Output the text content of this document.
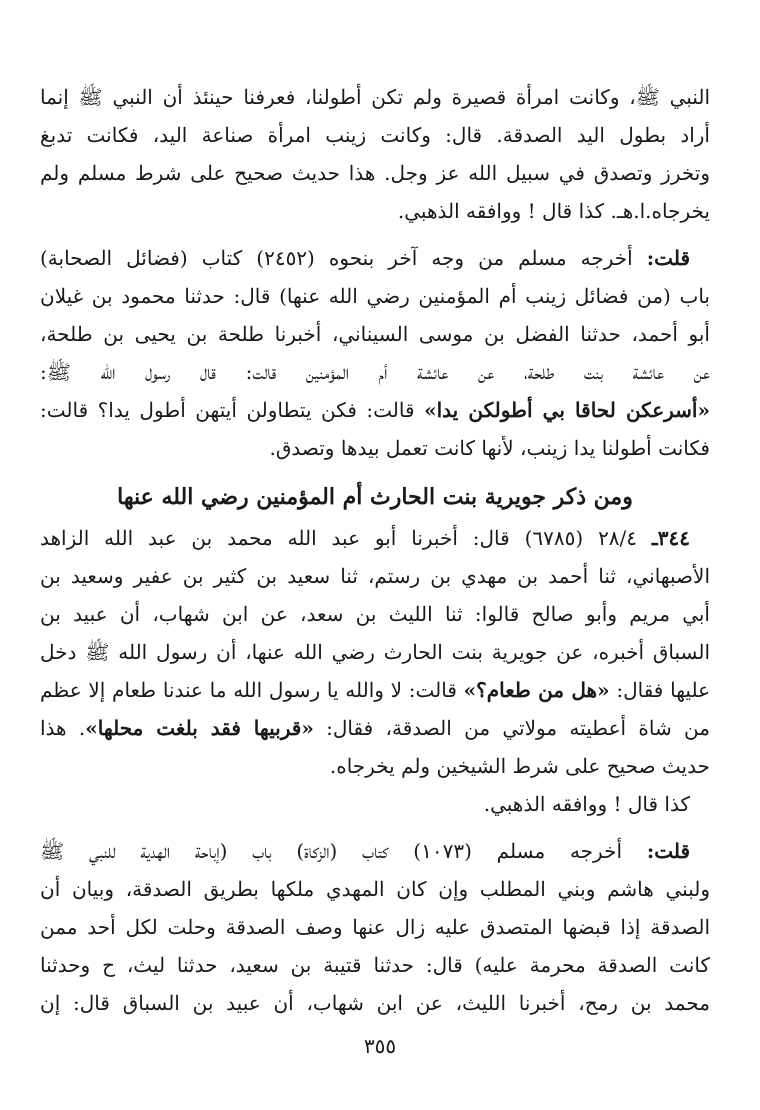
النبي ﷺ، وكانت امرأة قصيرة ولم تكن أطولنا، فعرفنا حينئذ أن النبي ﷺ إنما
أراد بطول اليد الصدقة. قال: وكانت زينب امرأة صناعة اليد، فكانت تدبغ
وتخرز وتصدق في سبيل الله عز وجل. هذا حديث صحيح على شرط مسلم ولم
يخرجاه.ا.هـ. كذا قال ! ووافقه الذهبي.
قلت: أخرجه مسلم من وجه آخر بنحوه (٢٤٥٢) كتاب (فضائل الصحابة)
باب (من فضائل زينب أم المؤمنين رضي الله عنها) قال: حدثنا محمود بن غيلان
أبو أحمد، حدثنا الفضل بن موسى السيناني، أخبرنا طلحة بن يحيى بن طلحة،
عن عائشة بنت طلحة، عن عائشة أم المؤمنين قالت: قال رسول الله ﷺ:
«أسرعكن لحاقا بي أطولكن يدا» قالت: فكن يتطاولن أيتهن أطول يدا؟ قالت:
فكانت أطولنا يدا زينب، لأنها كانت تعمل بيدها وتصدق.
ومن ذكر جويرية بنت الحارث أم المؤمنين رضي الله عنها
٣٤٤ـ ٢٨/٤ (٦٧٨٥) قال: أخبرنا أبو عبد الله محمد بن عبد الله الزاهد
الأصبهاني، ثنا أحمد بن مهدي بن رستم، ثنا سعيد بن كثير بن عفير وسعيد بن
أبي مريم وأبو صالح قالوا: ثنا الليث بن سعد، عن ابن شهاب، أن عبيد بن
السباق أخبره، عن جويرية بنت الحارث رضي الله عنها، أن رسول الله ﷺ دخل
عليها فقال: «هل من طعام؟» قالت: لا والله يا رسول الله ما عندنا طعام إلا عظم
من شاة أعطيته مولاتي من الصدقة، فقال: «قربيها فقد بلغت محلها». هذا
حديث صحيح على شرط الشيخين ولم يخرجاه.
كذا قال ! ووافقه الذهبي.
قلت: أخرجه مسلم (١٠٧٣) كتاب (الزكاة) باب (إباحة الهدية للنبي ﷺ
ولبني هاشم وبني المطلب وإن كان المهدي ملكها بطريق الصدقة، وبيان أن
الصدقة إذا قبضها المتصدق عليه زال عنها وصف الصدقة وحلت لكل أحد ممن
كانت الصدقة محرمة عليه) قال: حدثنا قتيبة بن سعيد، حدثنا ليث، ح وحدثنا
محمد بن رمح، أخبرنا الليث، عن ابن شهاب، أن عبيد بن السباق قال: إن
٣٥٥
